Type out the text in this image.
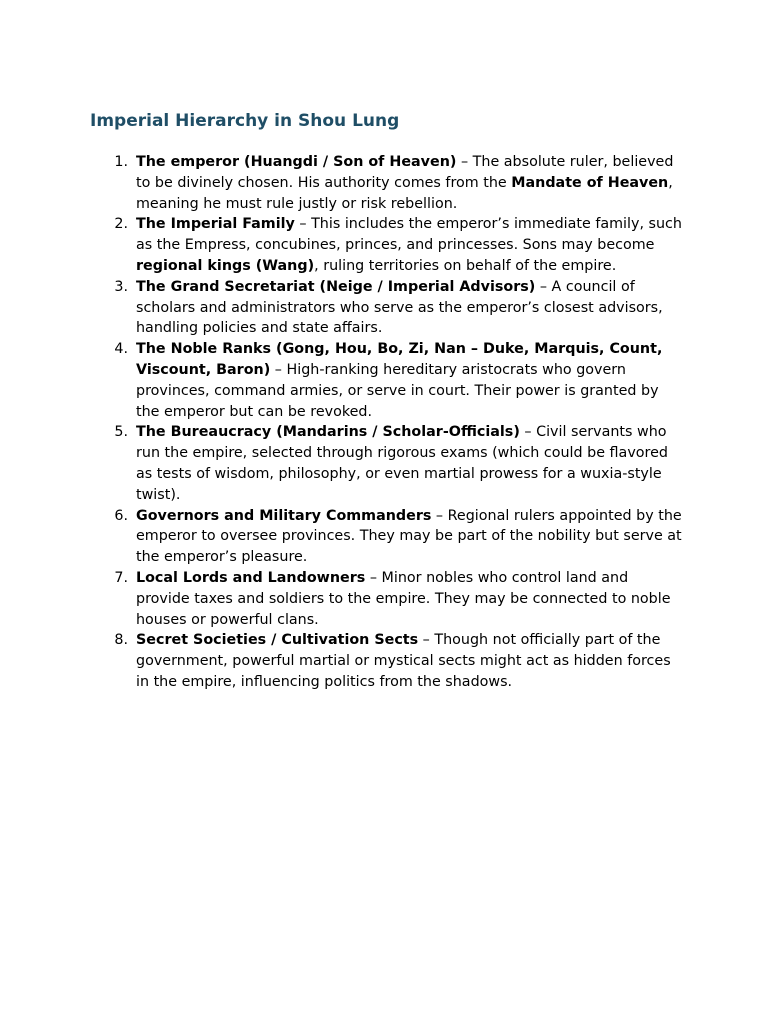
Imperial Hierarchy in Shou Lung
1. The emperor (Huangdi / Son of Heaven) – The absolute ruler, believed to be divinely chosen. His authority comes from the Mandate of Heaven, meaning he must rule justly or risk rebellion.
2. The Imperial Family – This includes the emperor’s immediate family, such as the Empress, concubines, princes, and princesses. Sons may become regional kings (Wang), ruling territories on behalf of the empire.
3. The Grand Secretariat (Neige / Imperial Advisors) – A council of scholars and administrators who serve as the emperor’s closest advisors, handling policies and state affairs.
4. The Noble Ranks (Gong, Hou, Bo, Zi, Nan – Duke, Marquis, Count, Viscount, Baron) – High-ranking hereditary aristocrats who govern provinces, command armies, or serve in court. Their power is granted by the emperor but can be revoked.
5. The Bureaucracy (Mandarins / Scholar-Officials) – Civil servants who run the empire, selected through rigorous exams (which could be flavored as tests of wisdom, philosophy, or even martial prowess for a wuxia-style twist).
6. Governors and Military Commanders – Regional rulers appointed by the emperor to oversee provinces. They may be part of the nobility but serve at the emperor’s pleasure.
7. Local Lords and Landowners – Minor nobles who control land and provide taxes and soldiers to the empire. They may be connected to noble houses or powerful clans.
8. Secret Societies / Cultivation Sects – Though not officially part of the government, powerful martial or mystical sects might act as hidden forces in the empire, influencing politics from the shadows.
